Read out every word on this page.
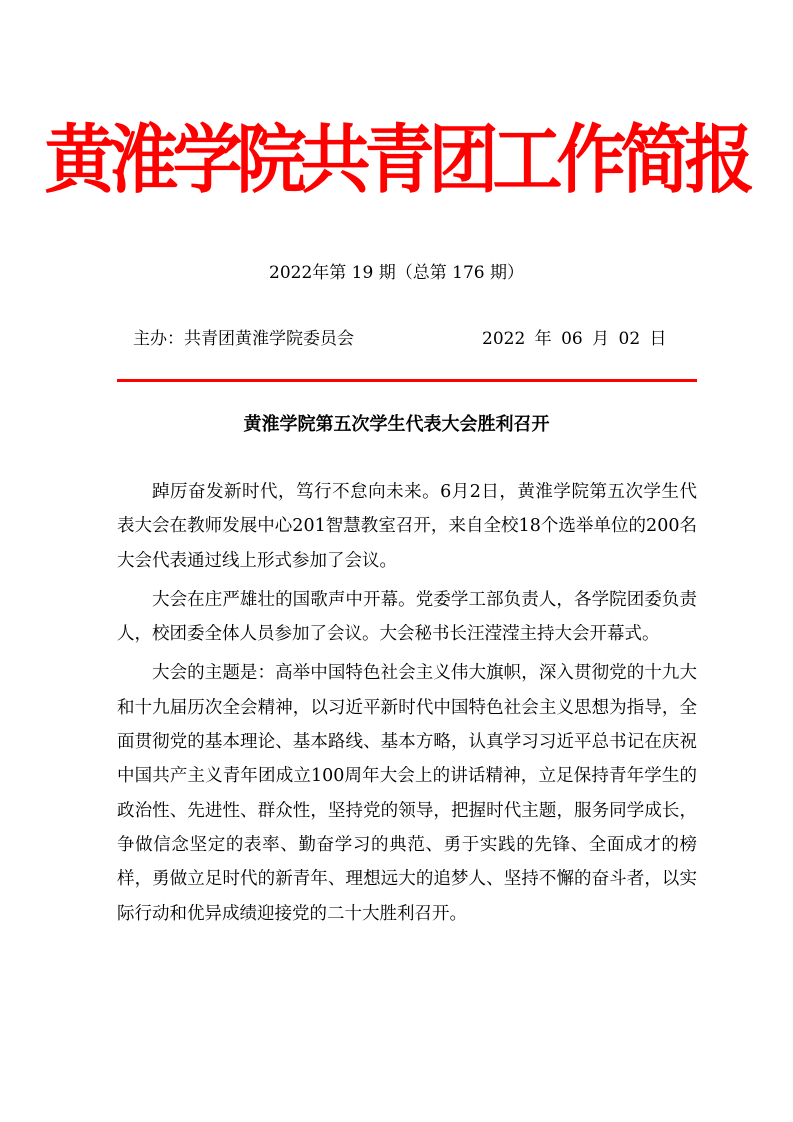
黄淮学院共青团工作简报
2022年第 19 期（总第 176 期）
主办：共青团黄淮学院委员会	2022 年 06 月 02 日
黄淮学院第五次学生代表大会胜利召开

踔厉奋发新时代，笃行不怠向未来。6月2日，黄淮学院第五次学生代表大会在教师发展中心201智慧教室召开，来自全校18个选举单位的200名大会代表通过线上形式参加了会议。

大会在庄严雄壮的国歌声中开幕。党委学工部负责人，各学院团委负责人，校团委全体人员参加了会议。大会秘书长汪滢滢主持大会开幕式。

大会的主题是：高举中国特色社会主义伟大旗帜，深入贯彻党的十九大和十九届历次全会精神，以习近平新时代中国特色社会主义思想为指导，全面贯彻党的基本理论、基本路线、基本方略，认真学习习近平总书记在庆祝中国共产主义青年团成立100周年大会上的讲话精神，立足保持青年学生的政治性、先进性、群众性，坚持党的领导，把握时代主题，服务同学成长，争做信念坚定的表率、勤奋学习的典范、勇于实践的先锋、全面成才的榜样，勇做立足时代的新青年、理想远大的追梦人、坚持不懈的奋斗者，以实际行动和优异成绩迎接党的二十大胜利召开。
